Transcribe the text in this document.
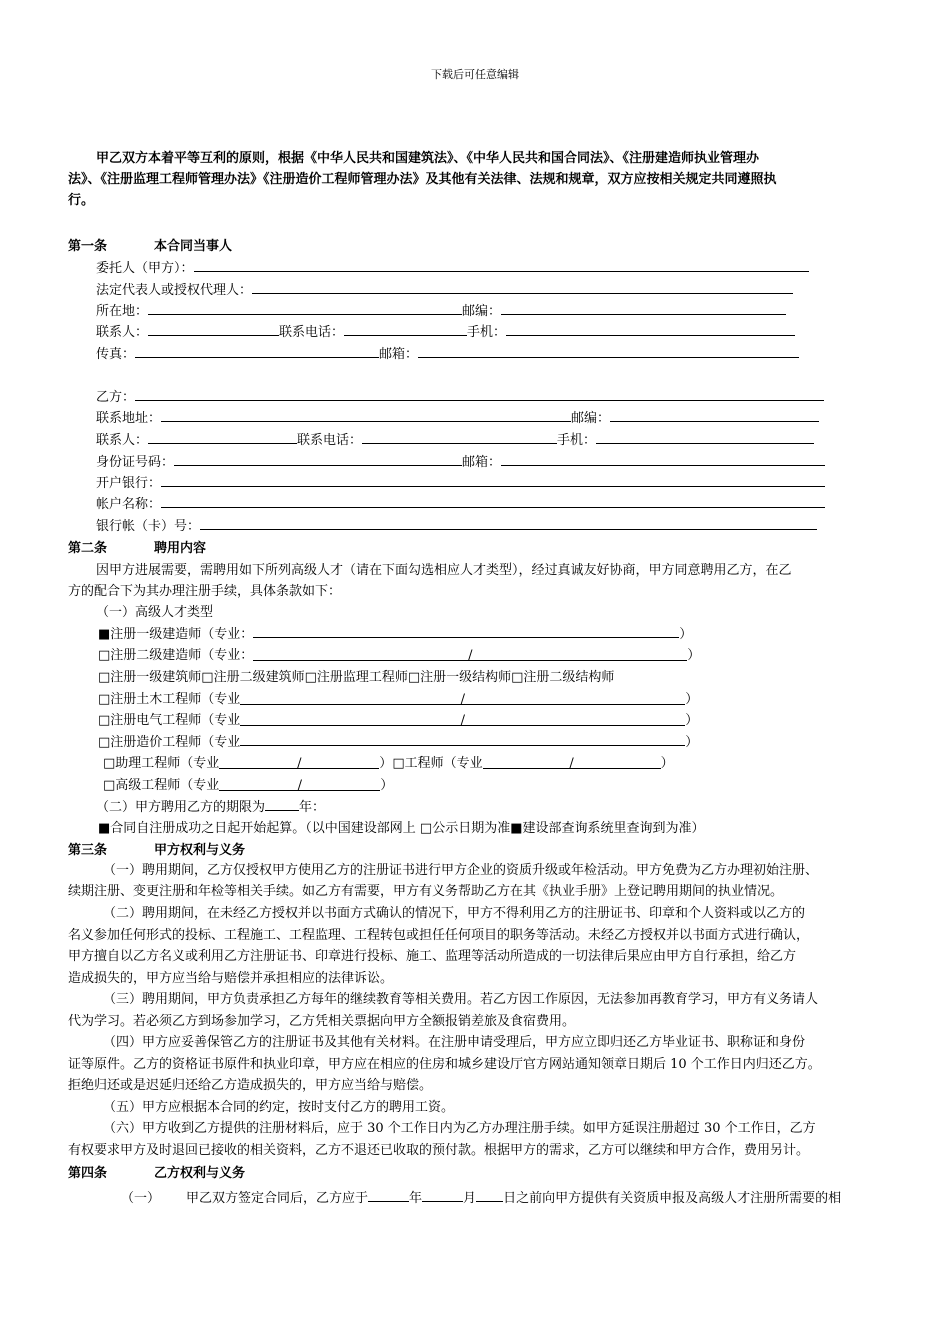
下载后可任意编辑
甲乙双方本着平等互利的原则，根据《中华人民共和国建筑法》、《中华人民共和国合同法》、《注册建造师执业管理办
法》、《注册监理工程师管理办法》《注册造价工程师管理办法》及其他有关法律、法规和规章，双方应按相关规定共同遵照执
行。
第一条	本合同当事人
委托人（甲方）：
法定代表人或授权代理人：
所在地：	邮编：
联系人：	联系电话：	手机：
传真：	邮箱：
乙方：
联系地址：	邮编：
联系人：	联系电话：	手机：
身份证号码：	邮箱：
开户银行：
帐户名称：
银行帐（卡）号：
第二条	聘用内容
因甲方进展需要，需聘用如下所列高级人才（请在下面勾选相应人才类型），经过真诚友好协商，甲方同意聘用乙方，在乙
方的配合下为其办理注册手续，具体条款如下：
（一）高级人才类型
■注册一级建造师（专业：	）
□注册二级建造师（专业：	/	）
□注册一级建筑师□注册二级建筑师□注册监理工程师□注册一级结构师□注册二级结构师
□注册土木工程师（专业	/	）
□注册电气工程师（专业	/	）
□注册造价工程师（专业	）
□助理工程师（专业	/	）□工程师（专业	/	）
□高级工程师（专业	/	）
（二）甲方聘用乙方的期限为	年：
■合同自注册成功之日起开始起算。（以中国建设部网上 □公示日期为准■建设部查询系统里查询到为准）
第三条	甲方权利与义务
（一）聘用期间，乙方仅授权甲方使用乙方的注册证书进行甲方企业的资质升级或年检活动。甲方免费为乙方办理初始注册、
续期注册、变更注册和年检等相关手续。如乙方有需要，甲方有义务帮助乙方在其《执业手册》上登记聘用期间的执业情况。
（二）聘用期间，在未经乙方授权并以书面方式确认的情况下，甲方不得利用乙方的注册证书、印章和个人资料或以乙方的
名义参加任何形式的投标、工程施工、工程监理、工程转包或担任任何项目的职务等活动。未经乙方授权并以书面方式进行确认，
甲方擅自以乙方名义或利用乙方注册证书、印章进行投标、施工、监理等活动所造成的一切法律后果应由甲方自行承担，给乙方
造成损失的，甲方应当给与赔偿并承担相应的法律诉讼。
（三）聘用期间，甲方负责承担乙方每年的继续教育等相关费用。若乙方因工作原因，无法参加再教育学习，甲方有义务请人
代为学习。若必须乙方到场参加学习，乙方凭相关票据向甲方全额报销差旅及食宿费用。
（四）甲方应妥善保管乙方的注册证书及其他有关材料。在注册申请受理后，甲方应立即归还乙方毕业证书、职称证和身份
证等原件。乙方的资格证书原件和执业印章，甲方应在相应的住房和城乡建设厅官方网站通知领章日期后 10 个工作日内归还乙方。
拒绝归还或是迟延归还给乙方造成损失的，甲方应当给与赔偿。
（五）甲方应根据本合同的约定，按时支付乙方的聘用工资。
（六）甲方收到乙方提供的注册材料后，应于 30 个工作日内为乙方办理注册手续。如甲方延误注册超过 30 个工作日，乙方
有权要求甲方及时退回已接收的相关资料，乙方不退还已收取的预付款。根据甲方的需求，乙方可以继续和甲方合作，费用另计。
第四条	乙方权利与义务
（一） 甲乙双方签定合同后，乙方应于	年	月 日之前向甲方提供有关资质申报及高级人才注册所需要的相
